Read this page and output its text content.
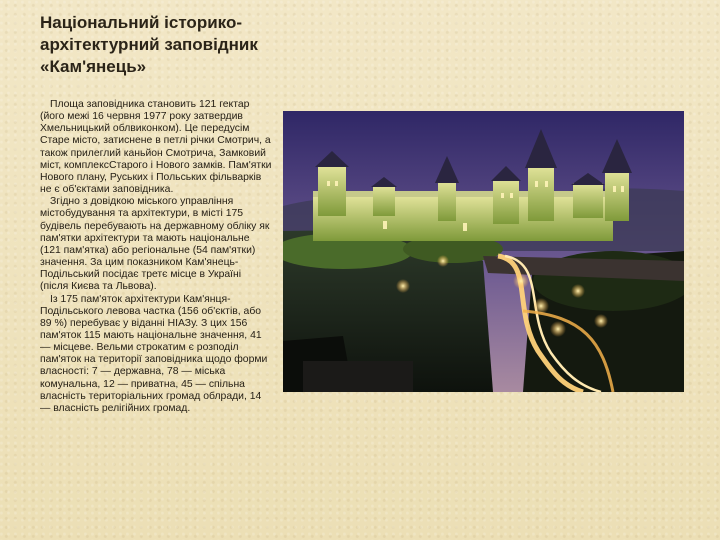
Національний історико-архітектурний заповідник «Кам'янець»

Площа заповідника становить 121 гектар (його межі 16 червня 1977 року затвердив Хмельницький облвиконком). Це передусім Старе місто, затиснене в петлі річки Смотрич, а також прилеглий каньйон Смотрича, Замковий міст, комплексСтарого і Нового замків. Пам'ятки Нового плану, Руських і Польських фільварків не є об'єктами заповідника.

Згідно з довідкою міського управління містобудування та архітектури, в місті 175 будівель перебувають на державному обліку як пам'ятки архітектури та мають національне (121 пам'ятка) або регіональне (54 пам'ятки) значення. За цим показником Кам'янець-Подільський посідає третє місце в Україні (після Києва та Львова).

Із 175 пам'яток архітектури Кам'янця-Подільського левова частка (156 об'єктів, або 89 %) перебуває у віданні НІАЗу. З цих 156 пам'яток 115 мають національне значення, 41 — місцеве. Вельми строкатим є розподіл пам'яток на території заповідника щодо форми власності: 7 — державна, 78 — міська комунальна, 12 — приватна, 45 — спільна власність територіальних громад облради, 14 — власність релігійних громад.
